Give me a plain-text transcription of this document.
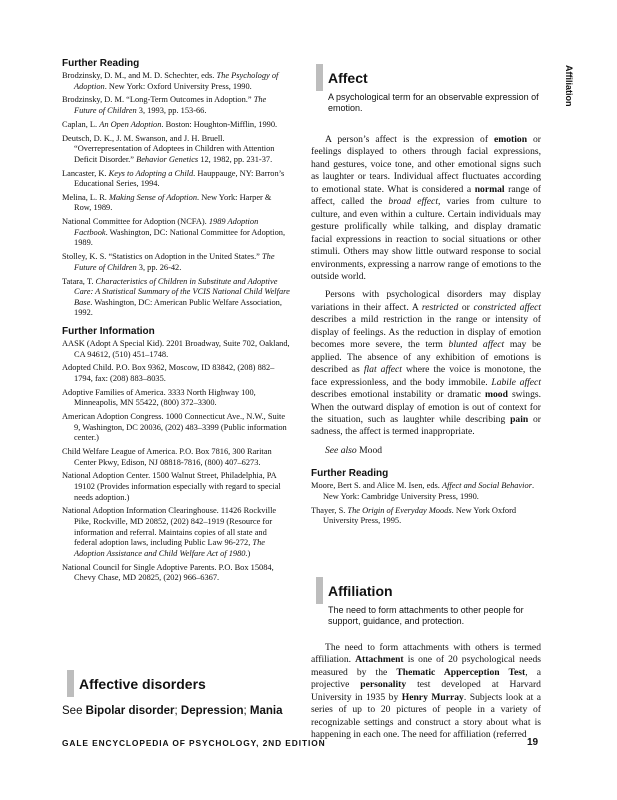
Affiliation
Further Reading

Brodzinsky, D. M., and M. D. Schechter, eds. The Psychology of Adoption. New York: Oxford University Press, 1990.

Brodzinsky, D. M. “Long-Term Outcomes in Adoption.” The Future of Children 3, 1993, pp. 153-66.

Caplan, L. An Open Adoption. Boston: Houghton-Mifflin, 1990.

Deutsch, D. K., J. M. Swanson, and J. H. Bruell. “Overrepresentation of Adoptees in Children with Attention Deficit Disorder.” Behavior Genetics 12, 1982, pp. 231-37.

Lancaster, K. Keys to Adopting a Child. Hauppauge, NY: Barron’s Educational Series, 1994.

Melina, L. R. Making Sense of Adoption. New York: Harper & Row, 1989.

National Committee for Adoption (NCFA). 1989 Adoption Factbook. Washington, DC: National Committee for Adoption, 1989.

Stolley, K. S. “Statistics on Adoption in the United States.” The Future of Children 3, pp. 26-42.

Tatara, T. Characteristics of Children in Substitute and Adoptive Care: A Statistical Summary of the VCIS National Child Welfare Base. Washington, DC: American Public Welfare Association, 1992.

Further Information

AASK (Adopt A Special Kid). 2201 Broadway, Suite 702, Oakland, CA 94612, (510) 451–1748.

Adopted Child. P.O. Box 9362, Moscow, ID 83842, (208) 882–1794, fax: (208) 883–8035.

Adoptive Families of America. 3333 North Highway 100, Minneapolis, MN 55422, (800) 372–3300.

American Adoption Congress. 1000 Connecticut Ave., N.W., Suite 9, Washington, DC 20036, (202) 483–3399 (Public information center.)

Child Welfare League of America. P.O. Box 7816, 300 Raritan Center Pkwy, Edison, NJ 08818-7816, (800) 407–6273.

National Adoption Center. 1500 Walnut Street, Philadelphia, PA 19102 (Provides information especially with regard to special needs adoption.)

National Adoption Information Clearinghouse. 11426 Rockville Pike, Rockville, MD 20852, (202) 842–1919 (Resource for information and referral. Maintains copies of all state and federal adoption laws, including Public Law 96-272, The Adoption Assistance and Child Welfare Act of 1980.)

National Council for Single Adoptive Parents. P.O. Box 15084, Chevy Chase, MD 20825, (202) 966–6367.

Affective disorders
See Bipolar disorder; Depression; Mania
Affect
A psychological term for an observable expression of emotion.

A person’s affect is the expression of emotion or feelings displayed to others through facial expressions, hand gestures, voice tone, and other emotional signs such as laughter or tears. Individual affect fluctuates according to emotional state. What is considered a normal range of affect, called the broad effect, varies from culture to culture, and even within a culture. Certain individuals may gesture prolifically while talking, and display dramatic facial expressions in reaction to social situations or other stimuli. Others may show little outward response to social environments, expressing a narrow range of emotions to the outside world.

Persons with psychological disorders may display variations in their affect. A restricted or constricted affect describes a mild restriction in the range or intensity of display of feelings. As the reduction in display of emotion becomes more severe, the term blunted affect may be applied. The absence of any exhibition of emotions is described as flat affect where the voice is monotone, the face expressionless, and the body immobile. Labile affect describes emotional instability or dramatic mood swings. When the outward display of emotion is out of context for the situation, such as laughter while describing pain or sadness, the affect is termed inappropriate.

See also Mood
Further Reading

Moore, Bert S. and Alice M. Isen, eds. Affect and Social Behavior. New York: Cambridge University Press, 1990.

Thayer, S. The Origin of Everyday Moods. New York Oxford University Press, 1995.

Affiliation
The need to form attachments to other people for support, guidance, and protection.

The need to form attachments with others is termed affiliation. Attachment is one of 20 psychological needs measured by the Thematic Apperception Test, a projective personality test developed at Harvard University in 1935 by Henry Murray. Subjects look at a series of up to 20 pictures of people in a variety of recognizable settings and construct a story about what is happening in each one. The need for affiliation (referred

GALE ENCYCLOPEDIA OF PSYCHOLOGY, 2ND EDITION	19
